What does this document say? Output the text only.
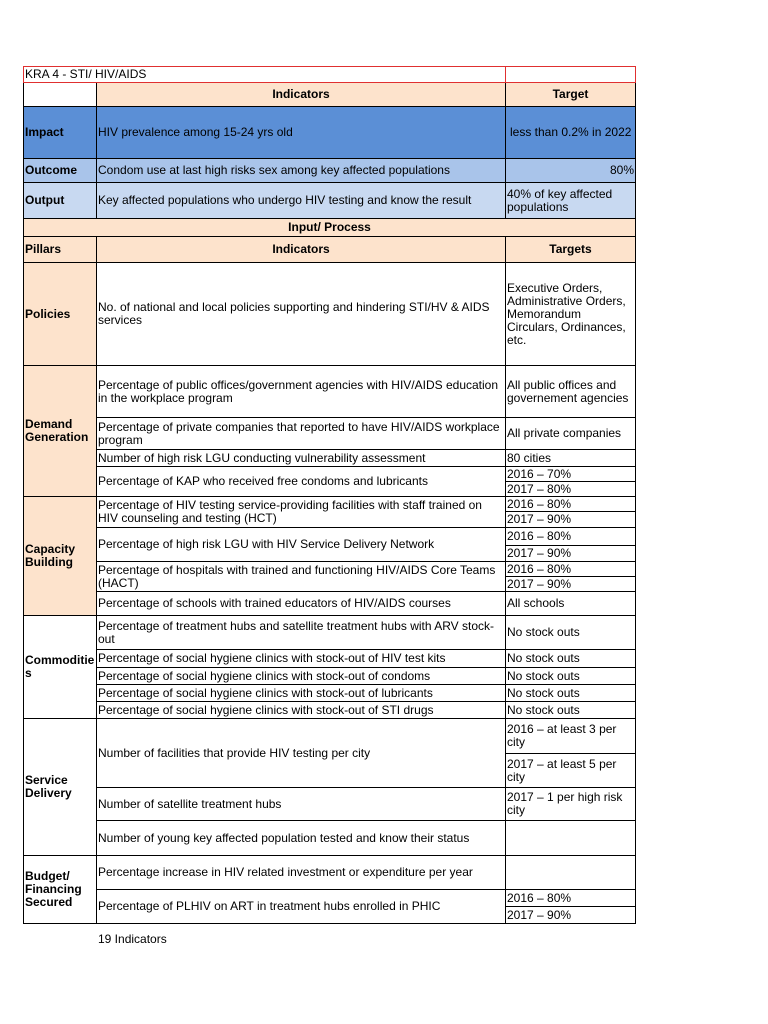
KRA 4 - STI/ HIV/AIDS		
	Indicators	Target
Impact	HIV prevalence among 15-24 yrs old	less than 0.2% in 2022
Outcome	Condom use at last high risks sex among key affected populations	80%
Output	Key affected populations who undergo HIV testing and know the result	40% of key affected populations
Input/ Process		
Pillars	Indicators	Targets
Policies	No. of national and local policies supporting and hindering STI/HV & AIDS services	Executive Orders, Administrative Orders, Memorandum Circulars, Ordinances, etc.
Demand Generation	Percentage of public offices/government agencies with HIV/AIDS education in the workplace program	All public offices and governement agencies
	Percentage of private companies that reported to have HIV/AIDS workplace program	All private companies
	Number of high risk LGU conducting vulnerability assessment	80 cities
	Percentage of KAP who received free condoms and lubricants	2016 – 70%
		2017 – 80%
Capacity Building	Percentage of HIV testing service-providing facilities with staff trained on HIV counseling and testing (HCT)	2016 – 80%
		2017 – 90%
	Percentage of high risk LGU with HIV Service Delivery Network	2016 – 80%
		2017 – 90%
	Percentage of hospitals with trained and functioning HIV/AIDS Core Teams (HACT)	2016 – 80%
		2017 – 90%
	Percentage of schools with trained educators of HIV/AIDS courses	All schools
Commoditie s	Percentage of treatment hubs and satellite treatment hubs with ARV stock-out	No stock outs
	Percentage of social hygiene clinics with stock-out of HIV test kits	No stock outs
	Percentage of social hygiene clinics with stock-out of condoms	No stock outs
	Percentage of social hygiene clinics with stock-out of lubricants	No stock outs
	Percentage of social hygiene clinics with stock-out of STI drugs	No stock outs
Service Delivery	Number of facilities that provide HIV testing per city	2016 – at least 3 per city
		2017 – at least 5 per city
	Number of satellite treatment hubs	2017 – 1 per high risk city
	Number of young key affected population tested and know their status	
Budget/ Financing Secured	Percentage increase in HIV related investment or expenditure per year	
	Percentage of PLHIV on ART in treatment hubs enrolled in PHIC	2016 – 80%
		2017 – 90%
19 Indicators
